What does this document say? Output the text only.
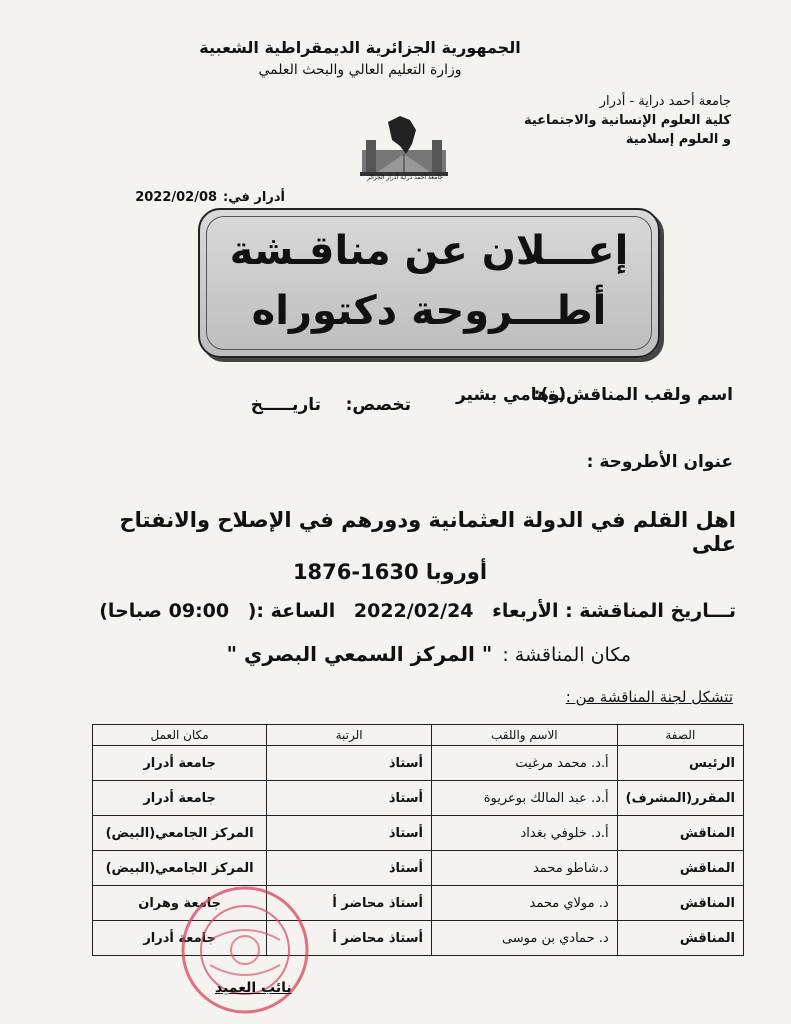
الجمهورية الجزائرية الديمقراطية الشعبية
وزارة التعليم العالي والبحث العلمي
جامعة أحمد دراية - أدرار
كلية العلوم الإنسانية والاجتماعية
و العلوم إسلامية
جامعة أحمد دراية أدرار الجزائر
أدرار في:2022/02/08
إعـــلان عن مناقـشة
أطـــروحة دكتوراه
اسم ولقب المناقش(ة):
توهامي بشير
تخصص:
تاريـــــخ
عنوان الأطروحة :
اهل القلم في الدولة العثمانية ودورهم في الإصلاح والانفتاح على
أوروبا 1630-1876
تـــاريخ المناقشة : الأربعاء 2022/02/24 الساعة :( 09:00 صباحا)
مكان المناقشة : " المركز السمعي البصري "
تتشكل لجنة المناقشة من :
الصفة	الاسم واللقب	الرتبة	مكان العمل
الرئيس	أ.د. محمد مرغيت	أستاذ	جامعة أدرار
المقرر(المشرف)	أ.د. عبد المالك بوعريوة	أستاذ	جامعة أدرار
المناقش	أ.د. خلوفي بغداد	أستاذ	المركز الجامعي(البيض)
المناقش	د.شاطو محمد	أستاذ	المركز الجامعي(البيض)
المناقش	د. مولاي محمد	أستاذ محاضر أ	جامعة وهران
المناقش	د. حمادي بن موسى	أستاذ محاضر أ	جامعة أدرار
نائب العميد
